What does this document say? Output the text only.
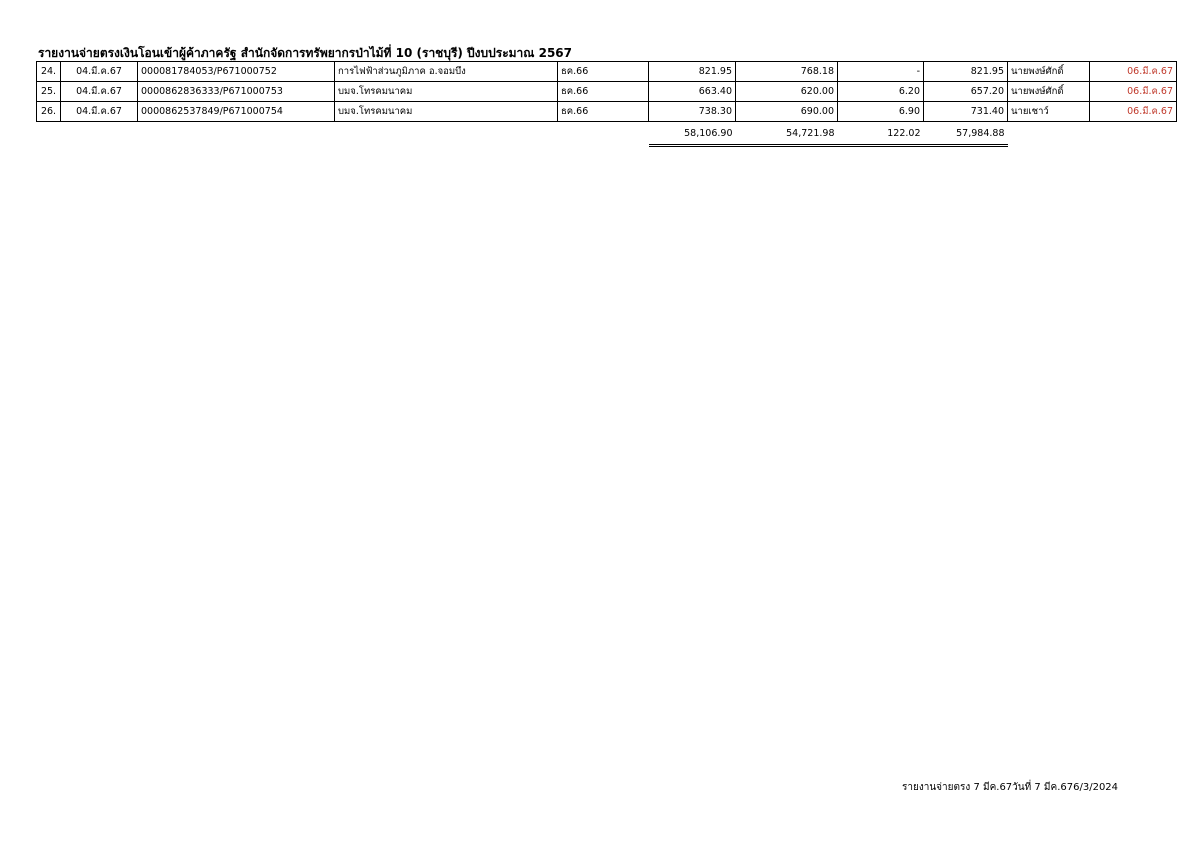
รายงานจ่ายตรงเงินโอนเข้าผู้ค้าภาครัฐ สำนักจัดการทรัพยากรป่าไม้ที่ 10 (ราชบุรี) ปีงบประมาณ 2567
24.	04.มี.ค.67	000081784053/P671000752	การไฟฟ้าส่วนภูมิภาค อ.จอมบึง	ธค.66	821.95	768.18	-	821.95	นายพงษ์ศักดิ์	06.มี.ค.67
25.	04.มี.ค.67	0000862836333/P671000753	บมจ.โทรคมนาคม	ธค.66	663.40	620.00	6.20	657.20	นายพงษ์ศักดิ์	06.มี.ค.67
26.	04.มี.ค.67	0000862537849/P671000754	บมจ.โทรคมนาคม	ธค.66	738.30	690.00	6.90	731.40	นายเชาว์	06.มี.ค.67
					58,106.90	54,721.98	122.02	57,984.88		
รายงานจ่ายตรง 7 มีค.67วันที่ 7 มีค.676/3/2024
